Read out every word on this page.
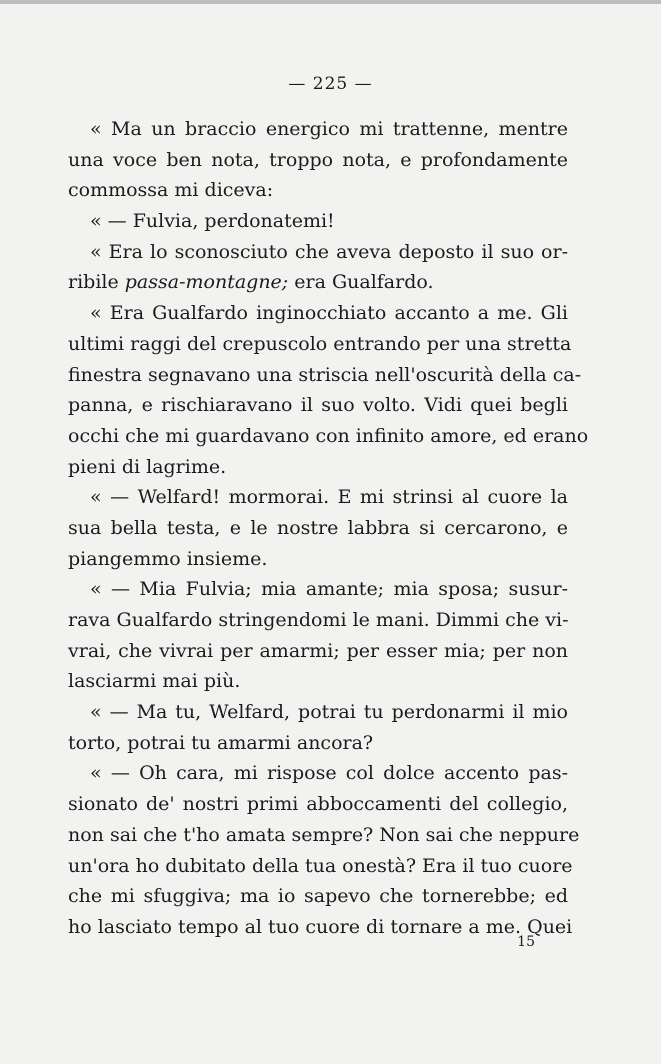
— 225 —
« Ma un braccio energico mi trattenne, mentre
una voce ben nota, troppo nota, e profondamente
commossa mi diceva:
« — Fulvia, perdonatemi!
« Era lo sconosciuto che aveva deposto il suo or-
ribile passa-montagne; era Gualfardo.
« Era Gualfardo inginocchiato accanto a me. Gli
ultimi raggi del crepuscolo entrando per una stretta
finestra segnavano una striscia nell'oscurità della ca-
panna, e rischiaravano il suo volto. Vidi quei begli
occhi che mi guardavano con infinito amore, ed erano
pieni di lagrime.
« — Welfard! mormorai. E mi strinsi al cuore la
sua bella testa, e le nostre labbra si cercarono, e
piangemmo insieme.
« — Mia Fulvia; mia amante; mia sposa; susur-
rava Gualfardo stringendomi le mani. Dimmi che vi-
vrai, che vivrai per amarmi; per esser mia; per non
lasciarmi mai più.
« — Ma tu, Welfard, potrai tu perdonarmi il mio
torto, potrai tu amarmi ancora?
« — Oh cara, mi rispose col dolce accento pas-
sionato de' nostri primi abboccamenti del collegio,
non sai che t'ho amata sempre? Non sai che neppure
un'ora ho dubitato della tua onestà? Era il tuo cuore
che mi sfuggiva; ma io sapevo che tornerebbe; ed
ho lasciato tempo al tuo cuore di tornare a me. Quei
15
